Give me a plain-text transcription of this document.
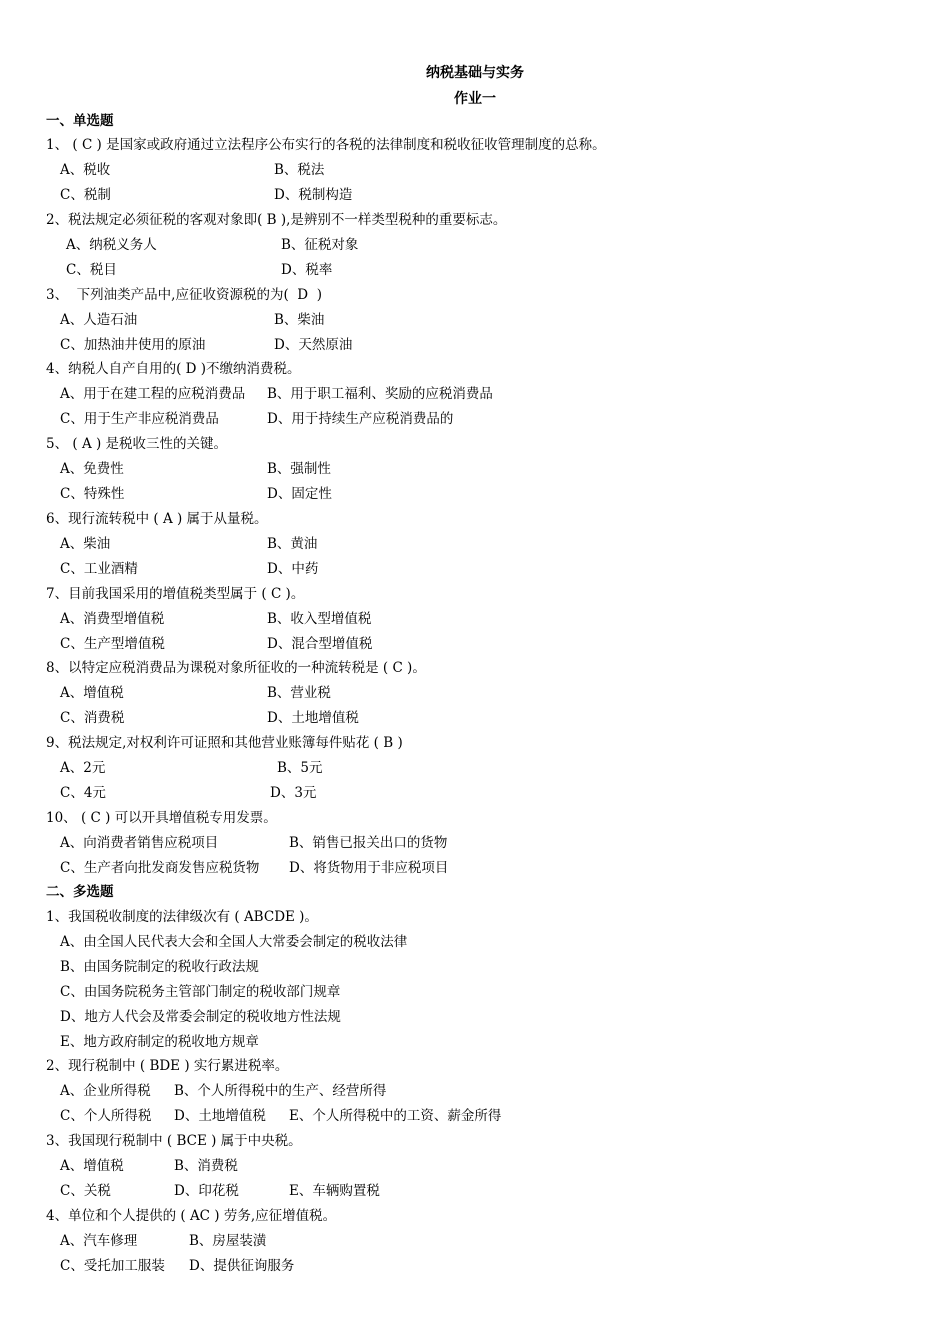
纳税基础与实务
作业一
一、单选题
1、 ( C ) 是国家或政府通过立法程序公布实行的各税的法律制度和税收征收管理制度的总称。
A、税收	B、税法
C、税制	D、税制构造
2、税法规定必须征税的客观对象即( B ),是辨别不一样类型税种的重要标志。
A、纳税义务人	B、征税对象
C、税目	D、税率
3、  下列油类产品中,应征收资源税的为(  D  )
A、人造石油	B、柴油
C、加热油井使用的原油	D、天然原油
4、纳税人自产自用的( D )不缴纳消费税。
A、用于在建工程的应税消费品 B、用于职工福利、奖励的应税消费品
C、用于生产非应税消费品	D、用于持续生产应税消费品的
5、 ( A ) 是税收三性的关键。
A、免费性	B、强制性
C、特殊性	D、固定性
6、现行流转税中 ( A ) 属于从量税。
A、柴油	B、黄油
C、工业酒精	D、中药
7、目前我国采用的增值税类型属于 ( C )。
A、消费型增值税	B、收入型增值税
C、生产型增值税	D、混合型增值税
8、以特定应税消费品为课税对象所征收的一种流转税是 ( C )。
A、增值税	B、营业税
C、消费税	D、土地增值税
9、税法规定,对权利许可证照和其他营业账簿每件贴花 ( B )
A、2元	B、5元
C、4元	D、3元
10、 ( C ) 可以开具增值税专用发票。
A、向消费者销售应税项目	B、销售已报关出口的货物
C、生产者向批发商发售应税货物 D、将货物用于非应税项目
二、多选题
1、我国税收制度的法律级次有 ( ABCDE )。
A、由全国人民代表大会和全国人大常委会制定的税收法律
B、由国务院制定的税收行政法规
C、由国务院税务主管部门制定的税收部门规章
D、地方人代会及常委会制定的税收地方性法规
E、地方政府制定的税收地方规章
2、现行税制中 ( BDE ) 实行累进税率。
A、企业所得税 B、个人所得税中的生产、经营所得
C、个人所得税 D、土地增值税 E、个人所得税中的工资、薪金所得
3、我国现行税制中 ( BCE ) 属于中央税。
A、增值税	B、消费税
C、关税	D、印花税	E、车辆购置税
4、单位和个人提供的 ( AC ) 劳务,应征增值税。
A、汽车修理	B、房屋装潢
C、受托加工服装 D、提供征询服务
